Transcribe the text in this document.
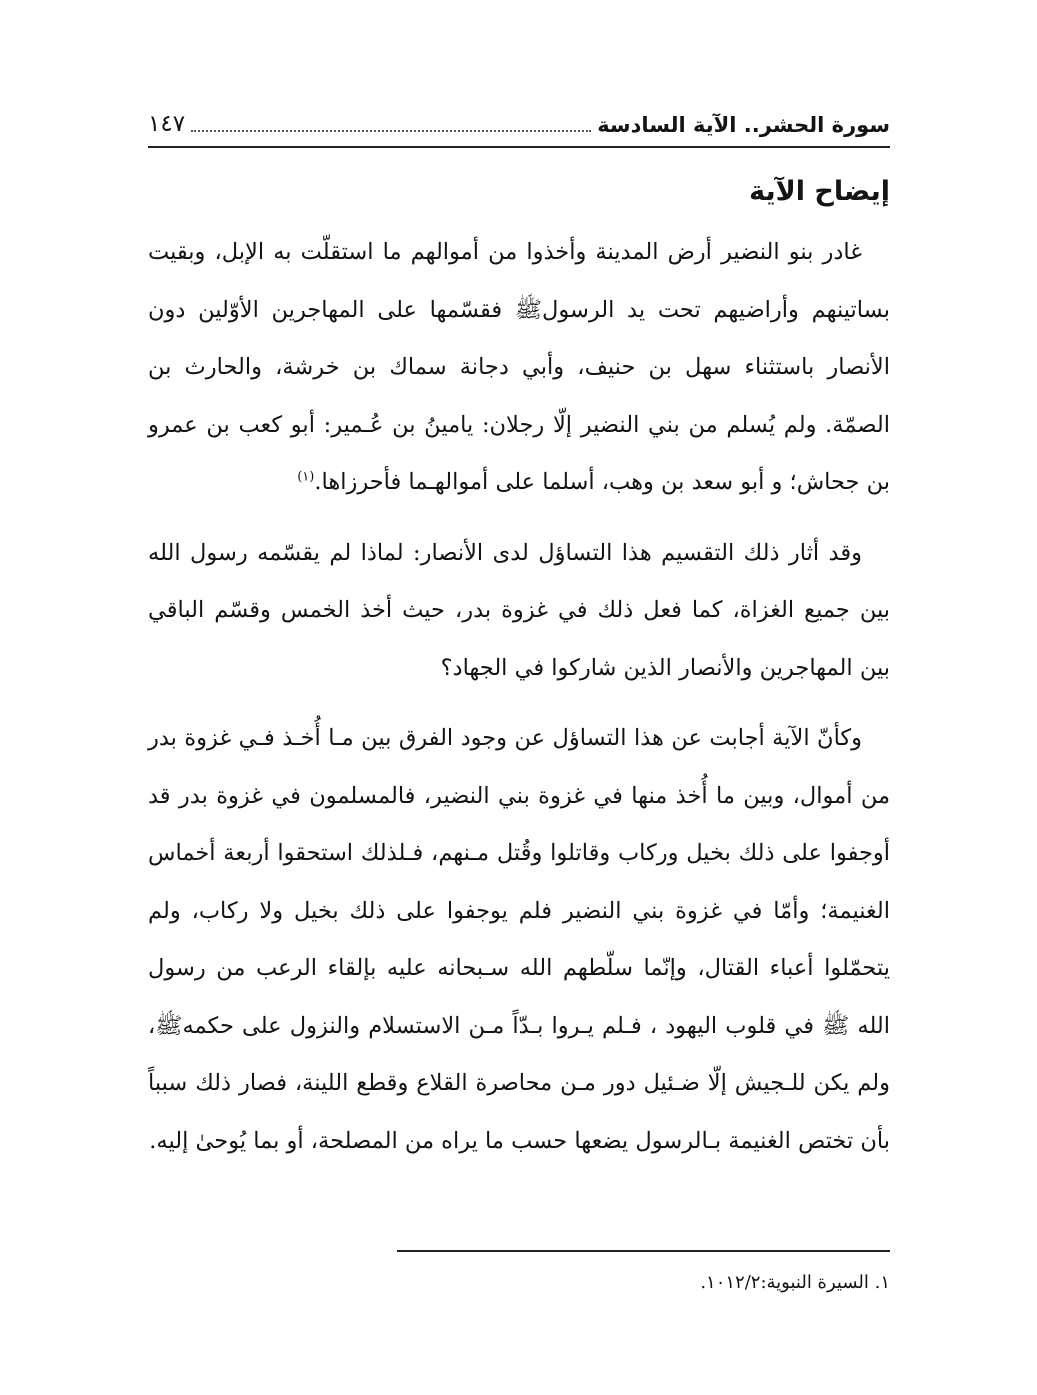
سورة الحشر.. الآية السادسة
١٤٧
إيضاح الآية

غادر بنو النضير أرض المدينة وأخذوا من أموالهم ما استقلّت به الإبل، وبقيت بساتينهم وأراضيهم تحت يد الرسولﷺ فقسّمها على المهاجرين الأوّلين دون الأنصار باستثناء سهل بن حنيف، وأبي دجانة سماك بن خرشة، والحارث بن الصمّة. ولم يُسلم من بني النضير إلّا رجلان: يامينُ بن عُـمير: أبو كعب بن عمرو بن جحاش؛ و أبو سعد بن وهب، أسلما على أموالهـما فأحرزاها.$^{(١)}$

وقد أثار ذلك التقسيم هذا التساؤل لدى الأنصار: لماذا لم يقسّمه رسول الله بين جميع الغزاة، كما فعل ذلك في غزوة بدر، حيث أخذ الخمس وقسّم الباقي بين المهاجرين والأنصار الذين شاركوا في الجهاد؟

وكأنّ الآية أجابت عن هذا التساؤل عن وجود الفرق بين مـا أُخـذ فـي غزوة بدر من أموال، وبين ما أُخذ منها في غزوة بني النضير، فالمسلمون في غزوة بدر قد أوجفوا على ذلك بخيل وركاب وقاتلوا وقُتل مـنهم، فـلذلك استحقوا أربعة أخماس الغنيمة؛ وأمّا في غزوة بني النضير فلم يوجفوا على ذلك بخيل ولا ركاب، ولم يتحمّلوا أعباء القتال، وإنّما سلّطهم الله سـبحانه عليه بإلقاء الرعب من رسول الله ﷺ في قلوب اليهود ، فـلم يـروا بـدّاً مـن الاستسلام والنزول على حكمهﷺ، ولم يكن للـجيش إلّا ضـئيل دور مـن محاصرة القلاع وقطع اللينة، فصار ذلك سبباً بأن تختص الغنيمة بـالرسول يضعها حسب ما يراه من المصلحة، أو بما يُوحىٰ إليه.

١. السيرة النبوية:١٠١٢/٢.
